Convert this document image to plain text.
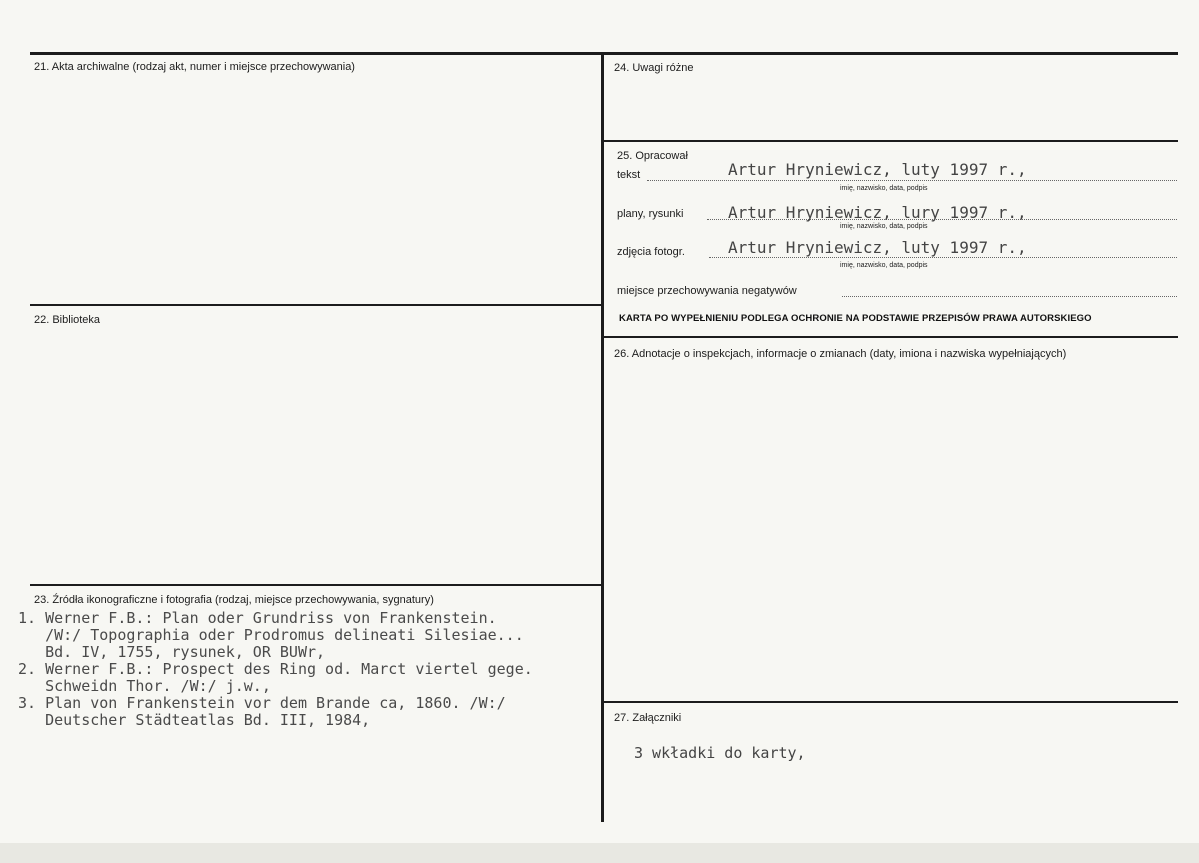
21. Akta archiwalne (rodzaj akt, numer i miejsce przechowywania)
22. Biblioteka
23. Źródła ikonograficzne i fotografia (rodzaj, miejsce przechowywania, sygnatury)
1. Werner F.B.: Plan oder Grundriss von Frankenstein.
/W:/ Topographia oder Prodromus delineati Silesiae...
Bd. IV, 1755, rysunek, OR BUWr,
2. Werner F.B.: Prospect des Ring od. Marct viertel gege.
Schweidn Thor. /W:/ j.w.,
3. Plan von Frankenstein vor dem Brande ca, 1860. /W:/
Deutscher Städteatlas Bd. III, 1984,
24. Uwagi różne
25. Opracował
tekst	Artur Hryniewicz, luty 1997 r.,
imię, nazwisko, data, podpis
plany, rysunki	Artur Hryniewicz, lury 1997 r.,
imię, nazwisko, data, podpis
zdjęcia fotogr.	Artur Hryniewicz, luty 1997 r.,
imię, nazwisko, data, podpis
miejsce przechowywania negatywów
KARTA PO WYPEŁNIENIU PODLEGA OCHRONIE NA PODSTAWIE PRZEPISÓW PRAWA AUTORSKIEGO
26. Adnotacje o inspekcjach, informacje o zmianach (daty, imiona i nazwiska wypełniających)
27. Załączniki
3 wkładki do karty,
